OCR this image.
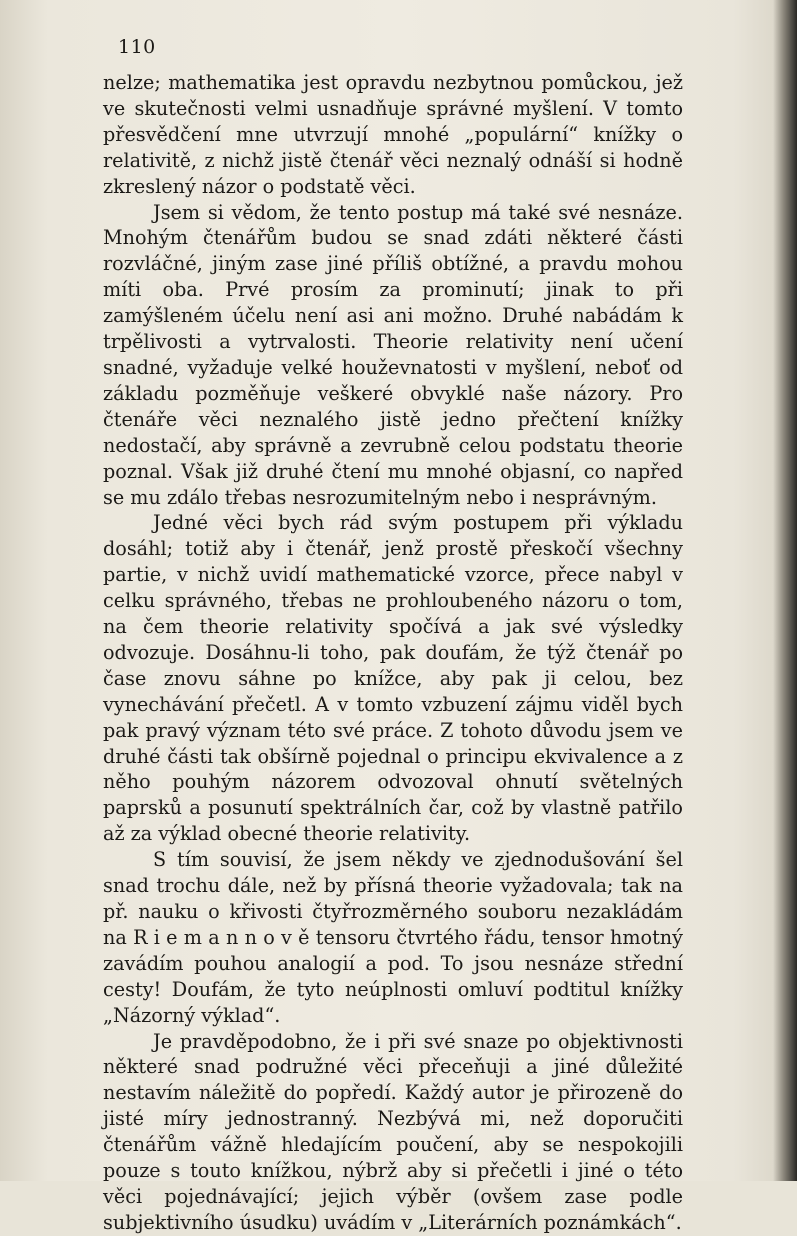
110

nelze; mathematika jest opravdu nezbytnou pomůckou, jež ve skutečnosti velmi usnadňuje správné myšlení. V tomto přesvědčení mne utvrzují mnohé „populární“ knížky o relativitě, z nichž jistě čtenář věci neznalý odnáší si hodně zkreslený názor o podstatě věci.

Jsem si vědom, že tento postup má také své nesnáze. Mnohým čtenářům budou se snad zdáti některé části rozvláčné, jiným zase jiné příliš obtížné, a pravdu mohou míti oba. Prvé prosím za prominutí; jinak to při zamýšleném účelu není asi ani možno. Druhé nabádám k trpělivosti a vytrvalosti. Theorie relativity není učení snadné, vyžaduje velké houževnatosti v myšlení, neboť od základu pozměňuje veškeré obvyklé naše názory. Pro čtenáře věci neznalého jistě jedno přečtení knížky nedostačí, aby správně a zevrubně celou podstatu theorie poznal. Však již druhé čtení mu mnohé objasní, co napřed se mu zdálo třebas nesrozumitelným nebo i nesprávným.

Jedné věci bych rád svým postupem při výkladu dosáhl; totiž aby i čtenář, jenž prostě přeskočí všechny partie, v nichž uvidí mathematické vzorce, přece nabyl v celku správného, třebas ne prohloubeného názoru o tom, na čem theorie relativity spočívá a jak své výsledky odvozuje. Dosáhnu-li toho, pak doufám, že týž čtenář po čase znovu sáhne po knížce, aby pak ji celou, bez vynechávání přečetl. A v tomto vzbuzení zájmu viděl bych pak pravý význam této své práce. Z tohoto důvodu jsem ve druhé části tak obšírně pojednal o principu ekvivalence a z něho pouhým názorem odvozoval ohnutí světelných paprsků a posunutí spektrálních čar, což by vlastně patřilo až za výklad obecné theorie relativity.

S tím souvisí, že jsem někdy ve zjednodušování šel snad trochu dále, než by přísná theorie vyžadovala; tak na př. nauku o křivosti čtyřrozměrného souboru nezakládám na R i e m a n n o v ě tensoru čtvrtého řádu, tensor hmotný zavádím pouhou analogií a pod. To jsou nesnáze střední cesty! Doufám, že tyto neúplnosti omluví podtitul knížky „Názorný výklad“.

Je pravděpodobno, že i při své snaze po objektivnosti některé snad podružné věci přeceňuji a jiné důležité nestavím náležitě do popředí. Každý autor je přirozeně do jisté míry jednostranný. Nezbývá mi, než doporučiti čtenářům vážně hledajícím poučení, aby se nespokojili pouze s touto knížkou, nýbrž aby si přečetli i jiné o této věci pojednávající; jejich výběr (ovšem zase podle subjektivního úsudku) uvádím v „Literárních poznámkách“.
